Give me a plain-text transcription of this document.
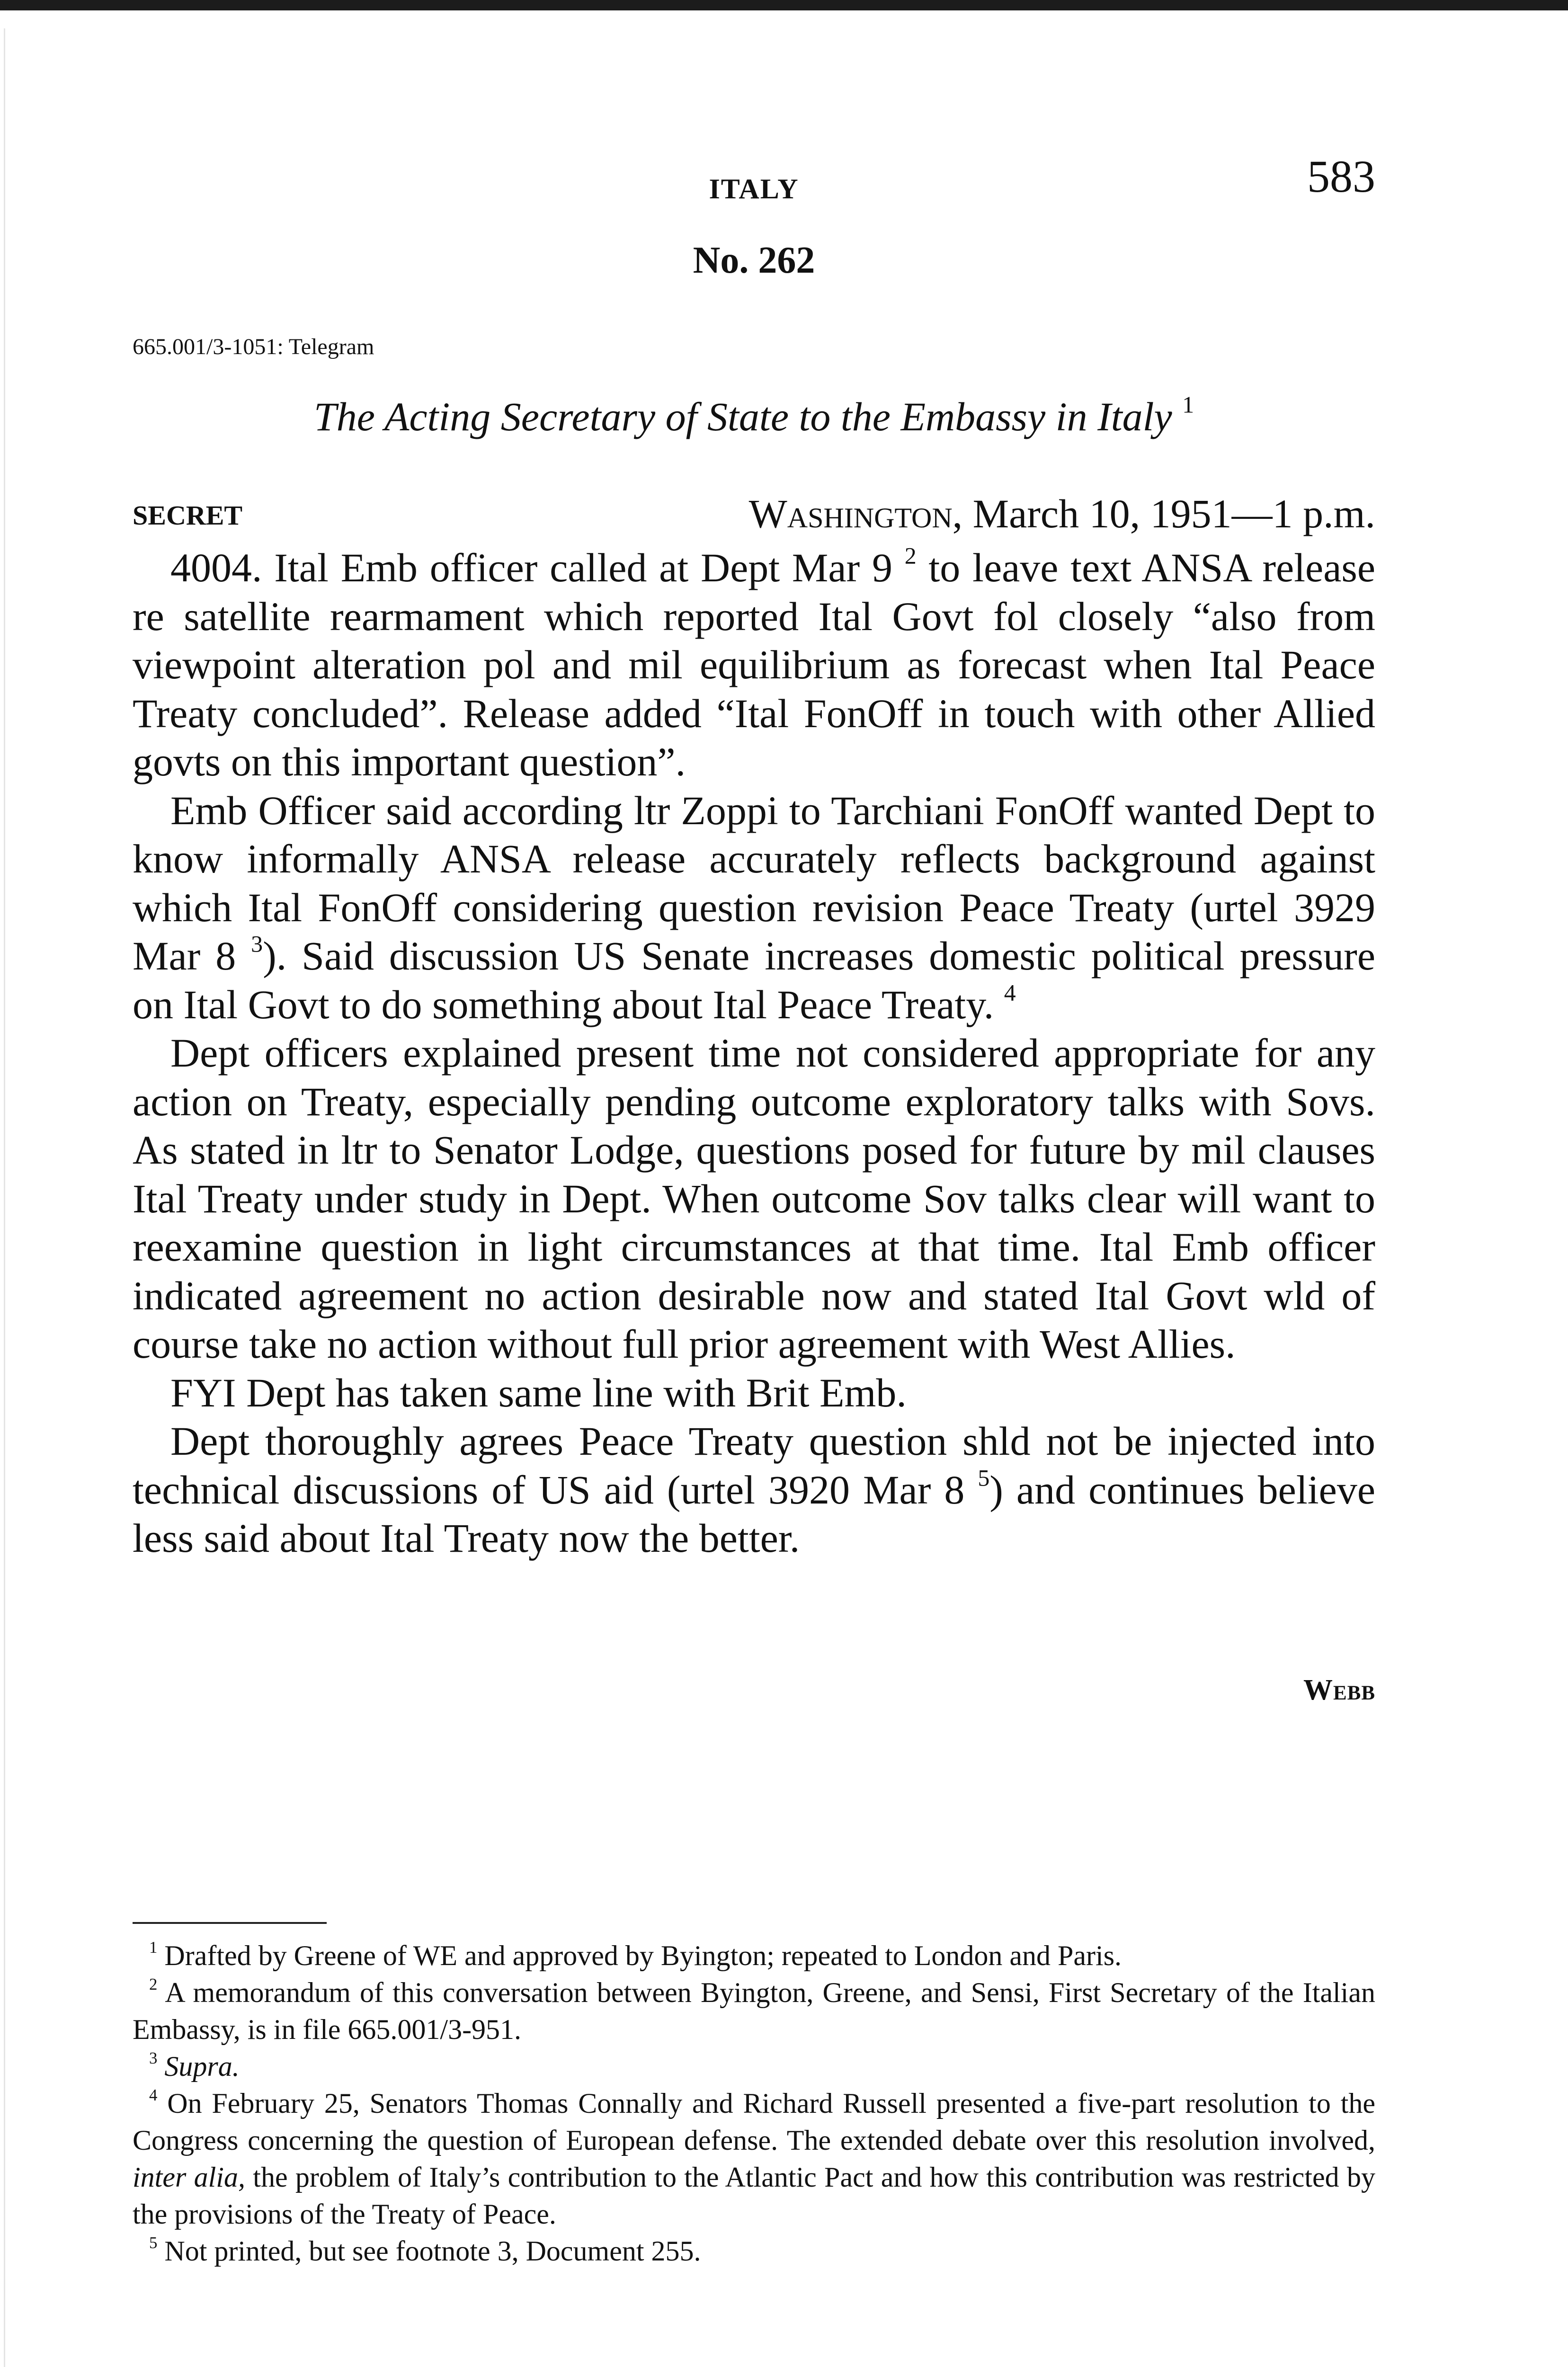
ITALY	583
No. 262
665.001/3-1051: Telegram
The Acting Secretary of State to the Embassy in Italy $^1$
SECRET	Washington, March 10, 1951—1 p.m.

4004. Ital Emb officer called at Dept Mar 9 $^2$ to leave text ANSA release re satellite rearmament which reported Ital Govt fol closely “also from viewpoint alteration pol and mil equilibrium as forecast when Ital Peace Treaty concluded”. Release added “Ital FonOff in touch with other Allied govts on this important question”.

Emb Officer said according ltr Zoppi to Tarchiani FonOff wanted Dept to know informally ANSA release accurately reflects background against which Ital FonOff considering question revision Peace Treaty (urtel 3929 Mar 8 $^3$). Said discussion US Senate increases domestic political pressure on Ital Govt to do something about Ital Peace Treaty. $^4$

Dept officers explained present time not considered appropriate for any action on Treaty, especially pending outcome exploratory talks with Sovs. As stated in ltr to Senator Lodge, questions posed for future by mil clauses Ital Treaty under study in Dept. When outcome Sov talks clear will want to reexamine question in light circumstances at that time. Ital Emb officer indicated agreement no action desirable now and stated Ital Govt wld of course take no action without full prior agreement with West Allies.

FYI Dept has taken same line with Brit Emb.

Dept thoroughly agrees Peace Treaty question shld not be injected into technical discussions of US aid (urtel 3920 Mar 8 $^5$) and continues believe less said about Ital Treaty now the better.

Webb

$^1$ Drafted by Greene of WE and approved by Byington; repeated to London and Paris.

$^2$ A memorandum of this conversation between Byington, Greene, and Sensi, First Secretary of the Italian Embassy, is in file 665.001/3-951.

$^3$ Supra.

$^4$ On February 25, Senators Thomas Connally and Richard Russell presented a five-part resolution to the Congress concerning the question of European defense. The extended debate over this resolution involved, inter alia, the problem of Italy’s contribution to the Atlantic Pact and how this contribution was restricted by the provisions of the Treaty of Peace.

$^5$ Not printed, but see footnote 3, Document 255.
